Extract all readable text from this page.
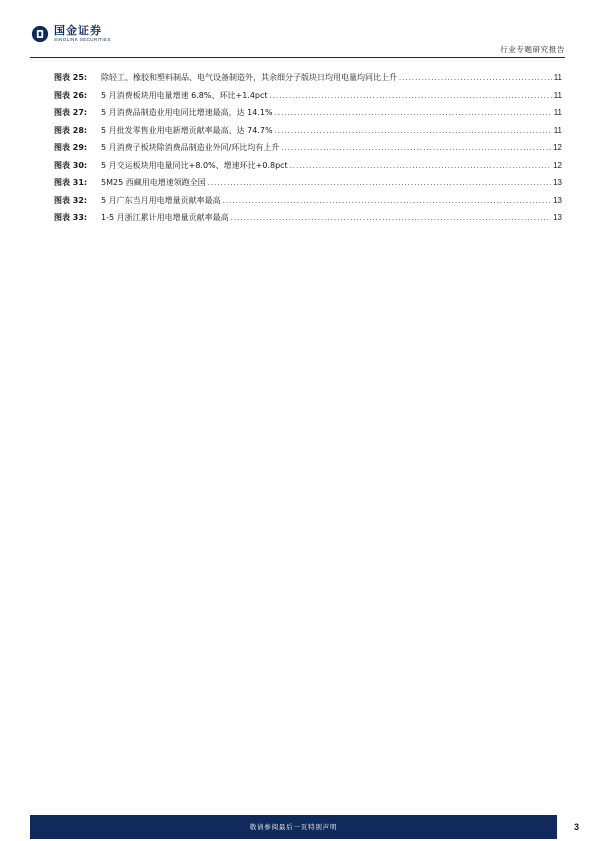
国金证券
SINOLINK SECURITIES
行业专题研究报告
图表 25:	除轻工、橡胶和塑料制品、电气设备制造外，其余细分子版块日均用电量均同比上升 .....	11
图表 26:	5 月消费板块用电量增速 6.8%、环比+1.4pct .....	11
图表 27:	5 月消费品制造业用电同比增速最高，达 14.1% .....	11
图表 28:	5 月批发零售业用电新增贡献率最高、达 74.7% .....	11
图表 29:	5 月消费子板块除消费品制造业外同/环比均有上升 .....	12
图表 30:	5 月交运板块用电量同比+8.0%、增速环比+0.8pct .....	12
图表 31:	5M25 西藏用电增速领跑全国 .....	13
图表 32:	5 月广东当月用电增量贡献率最高 .....	13
图表 33:	1-5 月浙江累计用电增量贡献率最高 .....	13
敬请参阅最后一页特别声明	3
